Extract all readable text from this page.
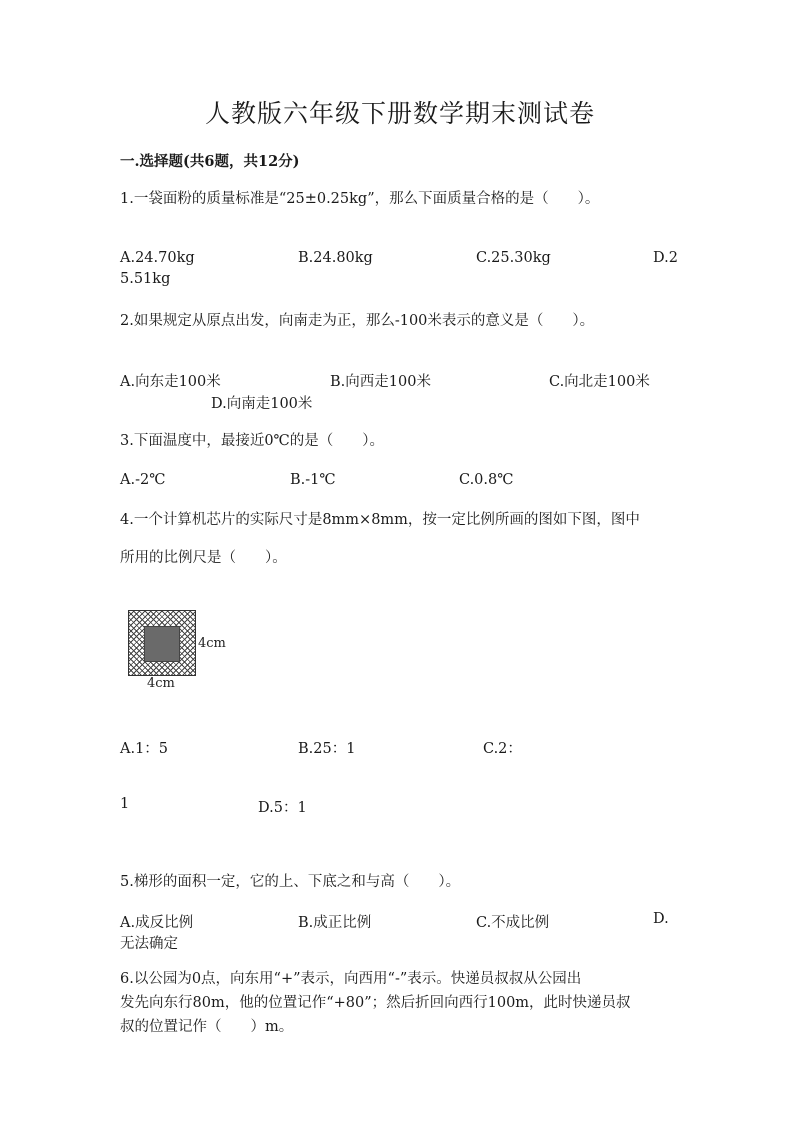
人教版六年级下册数学期末测试卷
一.选择题(共6题，共12分)
1.一袋面粉的质量标准是“25±0.25kg”，那么下面质量合格的是（　　）。
A.24.70kg	B.24.80kg	C.25.30kg	D.2
5.51kg
2.如果规定从原点出发，向南走为正，那么-100米表示的意义是（　　）。
A.向东走100米	B.向西走100米	C.向北走100米
D.向南走100米
3.下面温度中，最接近0℃的是（　　）。
A.-2℃	B.-1℃	C.0.8℃
4.一个计算机芯片的实际尺寸是8mm×8mm，按一定比例所画的图如下图，图中
所用的比例尺是（　　）。
4cm
4cm
A.1：5	B.25：1	C.2：
1	D.5：1
5.梯形的面积一定，它的上、下底之和与高（　　）。
A.成反比例	B.成正比例	C.不成比例	D.
无法确定
6.以公园为0点，向东用“+”表示，向西用“-”表示。快递员叔叔从公园出
发先向东行80m，他的位置记作“+80”；然后折回向西行100m，此时快递员叔
叔的位置记作（　　）m。
